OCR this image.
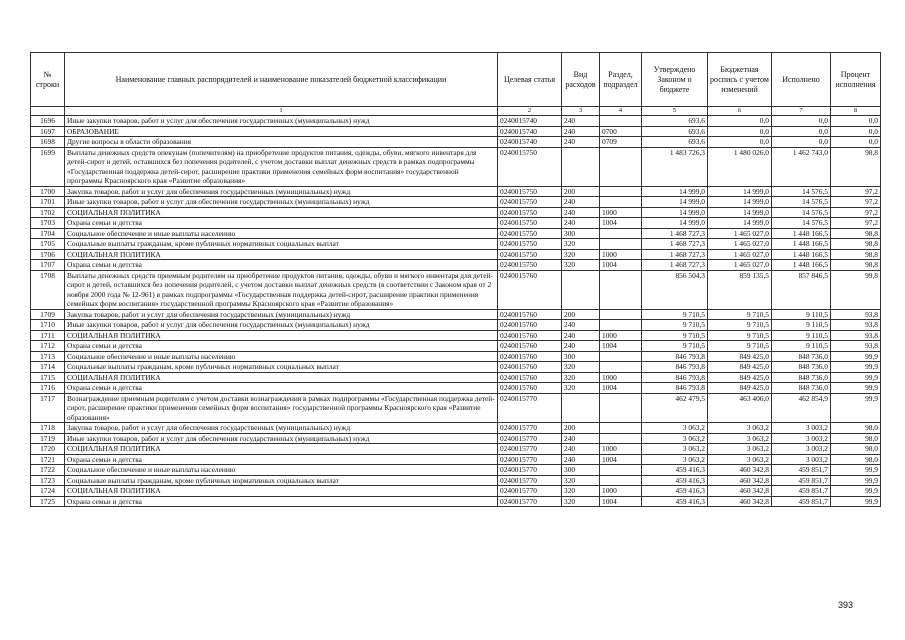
№ строки	Наименование главных распорядителей и наименование показателей бюджетной классификации	Целевая статья	Вид расходов	Раздел, подраздел	Утверждено Законом о бюджете	Бюджетная роспись с учетом изменений	Исполнено	Процент исполнения
	1	2	3	4	5	6	7	8
1696	Иные закупки товаров, работ и услуг для обеспечения государственных (муниципальных) нужд	0240015740	240		693,6	0,0	0,0	0,0
1697	ОБРАЗОВАНИЕ	0240015740	240	0700	693,6	0,0	0,0	0,0
1698	Другие вопросы в области образования	0240015740	240	0709	693,6	0,0	0,0	0,0
1699	Выплаты денежных средств опекунам (попечителям) на приобретение продуктов питания, одежды, обуви, мягкого инвентаря для детей-сирот и детей, оставшихся без попечения родителей, с учетом доставки выплат денежных средств в рамках подпрограммы «Государственная поддержка детей-сирот, расширение практики применения семейных форм воспитания» государственной программы Красноярского края «Развитие образования»	0240015750			1 483 726,3	1 480 026,0	1 462 743,0	98,8
1700	Закупка товаров, работ и услуг для обеспечения государственных (муниципальных) нужд	0240015750	200		14 999,0	14 999,0	14 576,5	97,2
1701	Иные закупки товаров, работ и услуг для обеспечения государственных (муниципальных) нужд	0240015750	240		14 999,0	14 999,0	14 576,5	97,2
1702	СОЦИАЛЬНАЯ ПОЛИТИКА	0240015750	240	1000	14 999,0	14 999,0	14 576,5	97,2
1703	Охрана семьи и детства	0240015750	240	1004	14 999,0	14 999,0	14 576,5	97,2
1704	Социальное обеспечение и иные выплаты населению	0240015750	300		1 468 727,3	1 465 027,0	1 448 166,5	98,8
1705	Социальные выплаты гражданам, кроме публичных нормативных социальных выплат	0240015750	320		1 468 727,3	1 465 027,0	1 448 166,5	98,8
1706	СОЦИАЛЬНАЯ ПОЛИТИКА	0240015750	320	1000	1 468 727,3	1 465 027,0	1 448 166,5	98,8
1707	Охрана семьи и детства	0240015750	320	1004	1 468 727,3	1 465 027,0	1 448 166,5	98,8
1708	Выплаты денежных средств приемным родителям на приобретение продуктов питания, одежды, обуви и мягкого инвентаря для детей-сирот и детей, оставшихся без попечения родителей, с учетом доставки выплат денежных средств (в соответствии с Законом края от 2 ноября 2000 года № 12-961) в рамках подпрограммы «Государственная поддержка детей-сирот, расширение практики применения семейных форм воспитания» государственной программы Красноярского края «Развитие образования»	0240015760			856 504,3	859 135,5	857 846,5	99,8
1709	Закупка товаров, работ и услуг для обеспечения государственных (муниципальных) нужд	0240015760	200		9 710,5	9 710,5	9 110,5	93,8
1710	Иные закупки товаров, работ и услуг для обеспечения государственных (муниципальных) нужд	0240015760	240		9 710,5	9 710,5	9 110,5	93,8
1711	СОЦИАЛЬНАЯ ПОЛИТИКА	0240015760	240	1000	9 710,5	9 710,5	9 110,5	93,8
1712	Охрана семьи и детства	0240015760	240	1004	9 710,5	9 710,5	9 110,5	93,8
1713	Социальное обеспечение и иные выплаты населению	0240015760	300		846 793,8	849 425,0	848 736,0	99,9
1714	Социальные выплаты гражданам, кроме публичных нормативных социальных выплат	0240015760	320		846 793,8	849 425,0	848 736,0	99,9
1715	СОЦИАЛЬНАЯ ПОЛИТИКА	0240015760	320	1000	846 793,8	849 425,0	848 736,0	99,9
1716	Охрана семьи и детства	0240015760	320	1004	846 793,8	849 425,0	848 736,0	99,9
1717	Вознаграждение приемным родителям с учетом доставки вознаграждения в рамках подпрограммы «Государственная поддержка детей-сирот, расширение практики применения семейных форм воспитания» государственной программы Красноярского края «Развитие образования»	0240015770			462 479,5	463 406,0	462 854,9	99,9
1718	Закупка товаров, работ и услуг для обеспечения государственных (муниципальных) нужд	0240015770	200		3 063,2	3 063,2	3 003,2	98,0
1719	Иные закупки товаров, работ и услуг для обеспечения государственных (муниципальных) нужд	0240015770	240		3 063,2	3 063,2	3 003,2	98,0
1720	СОЦИАЛЬНАЯ ПОЛИТИКА	0240015770	240	1000	3 063,2	3 063,2	3 003,2	98,0
1721	Охрана семьи и детства	0240015770	240	1004	3 063,2	3 063,2	3 003,2	98,0
1722	Социальное обеспечение и иные выплаты населению	0240015770	300		459 416,3	460 342,8	459 851,7	99,9
1723	Социальные выплаты гражданам, кроме публичных нормативных социальных выплат	0240015770	320		459 416,3	460 342,8	459 851,7	99,9
1724	СОЦИАЛЬНАЯ ПОЛИТИКА	0240015770	320	1000	459 416,3	460 342,8	459 851,7	99,9
1725	Охрана семьи и детства	0240015770	320	1004	459 416,3	460 342,8	459 851,7	99,9
393
